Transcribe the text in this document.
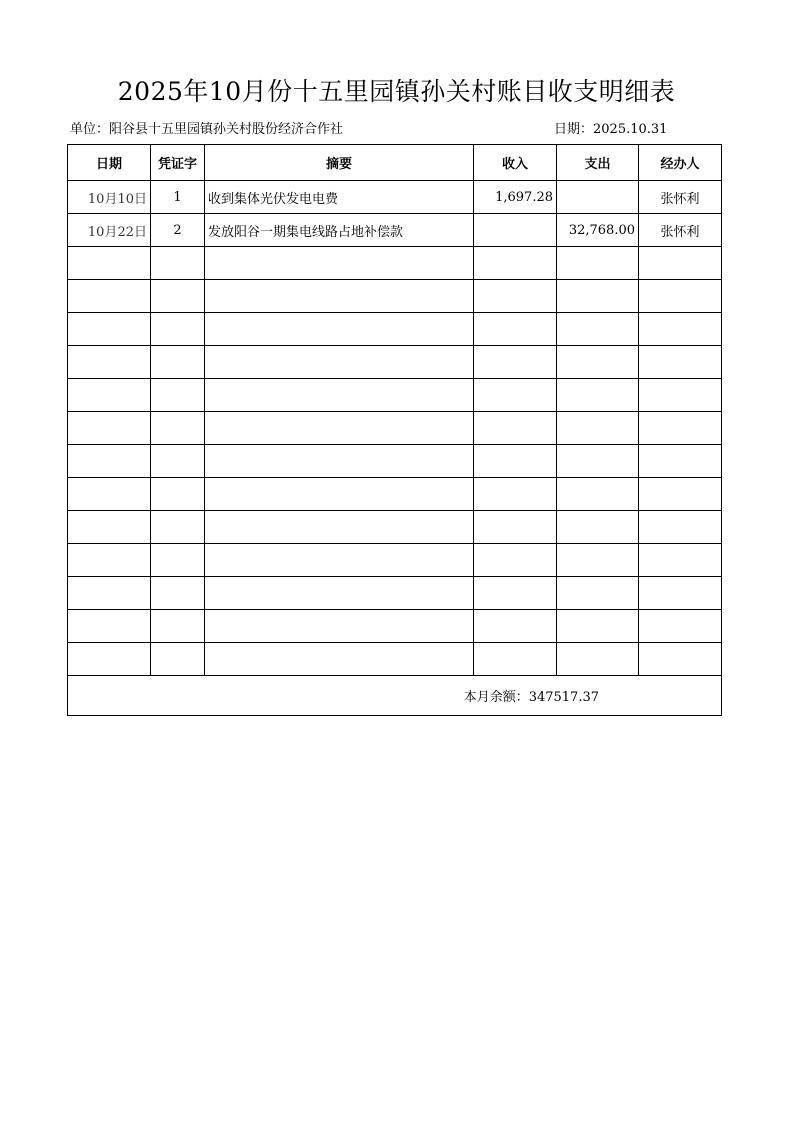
2025年10月份十五里园镇孙关村账目收支明细表
单位：阳谷县十五里园镇孙关村股份经济合作社	日期：2025.10.31
日期	凭证字	摘要	收入	支出	经办人
10月10日	1	收到集体光伏发电电费	1,697.28		张怀利
10月22日	2	发放阳谷一期集电线路占地补偿款		32,768.00	张怀利

本月余额：347517.37					
